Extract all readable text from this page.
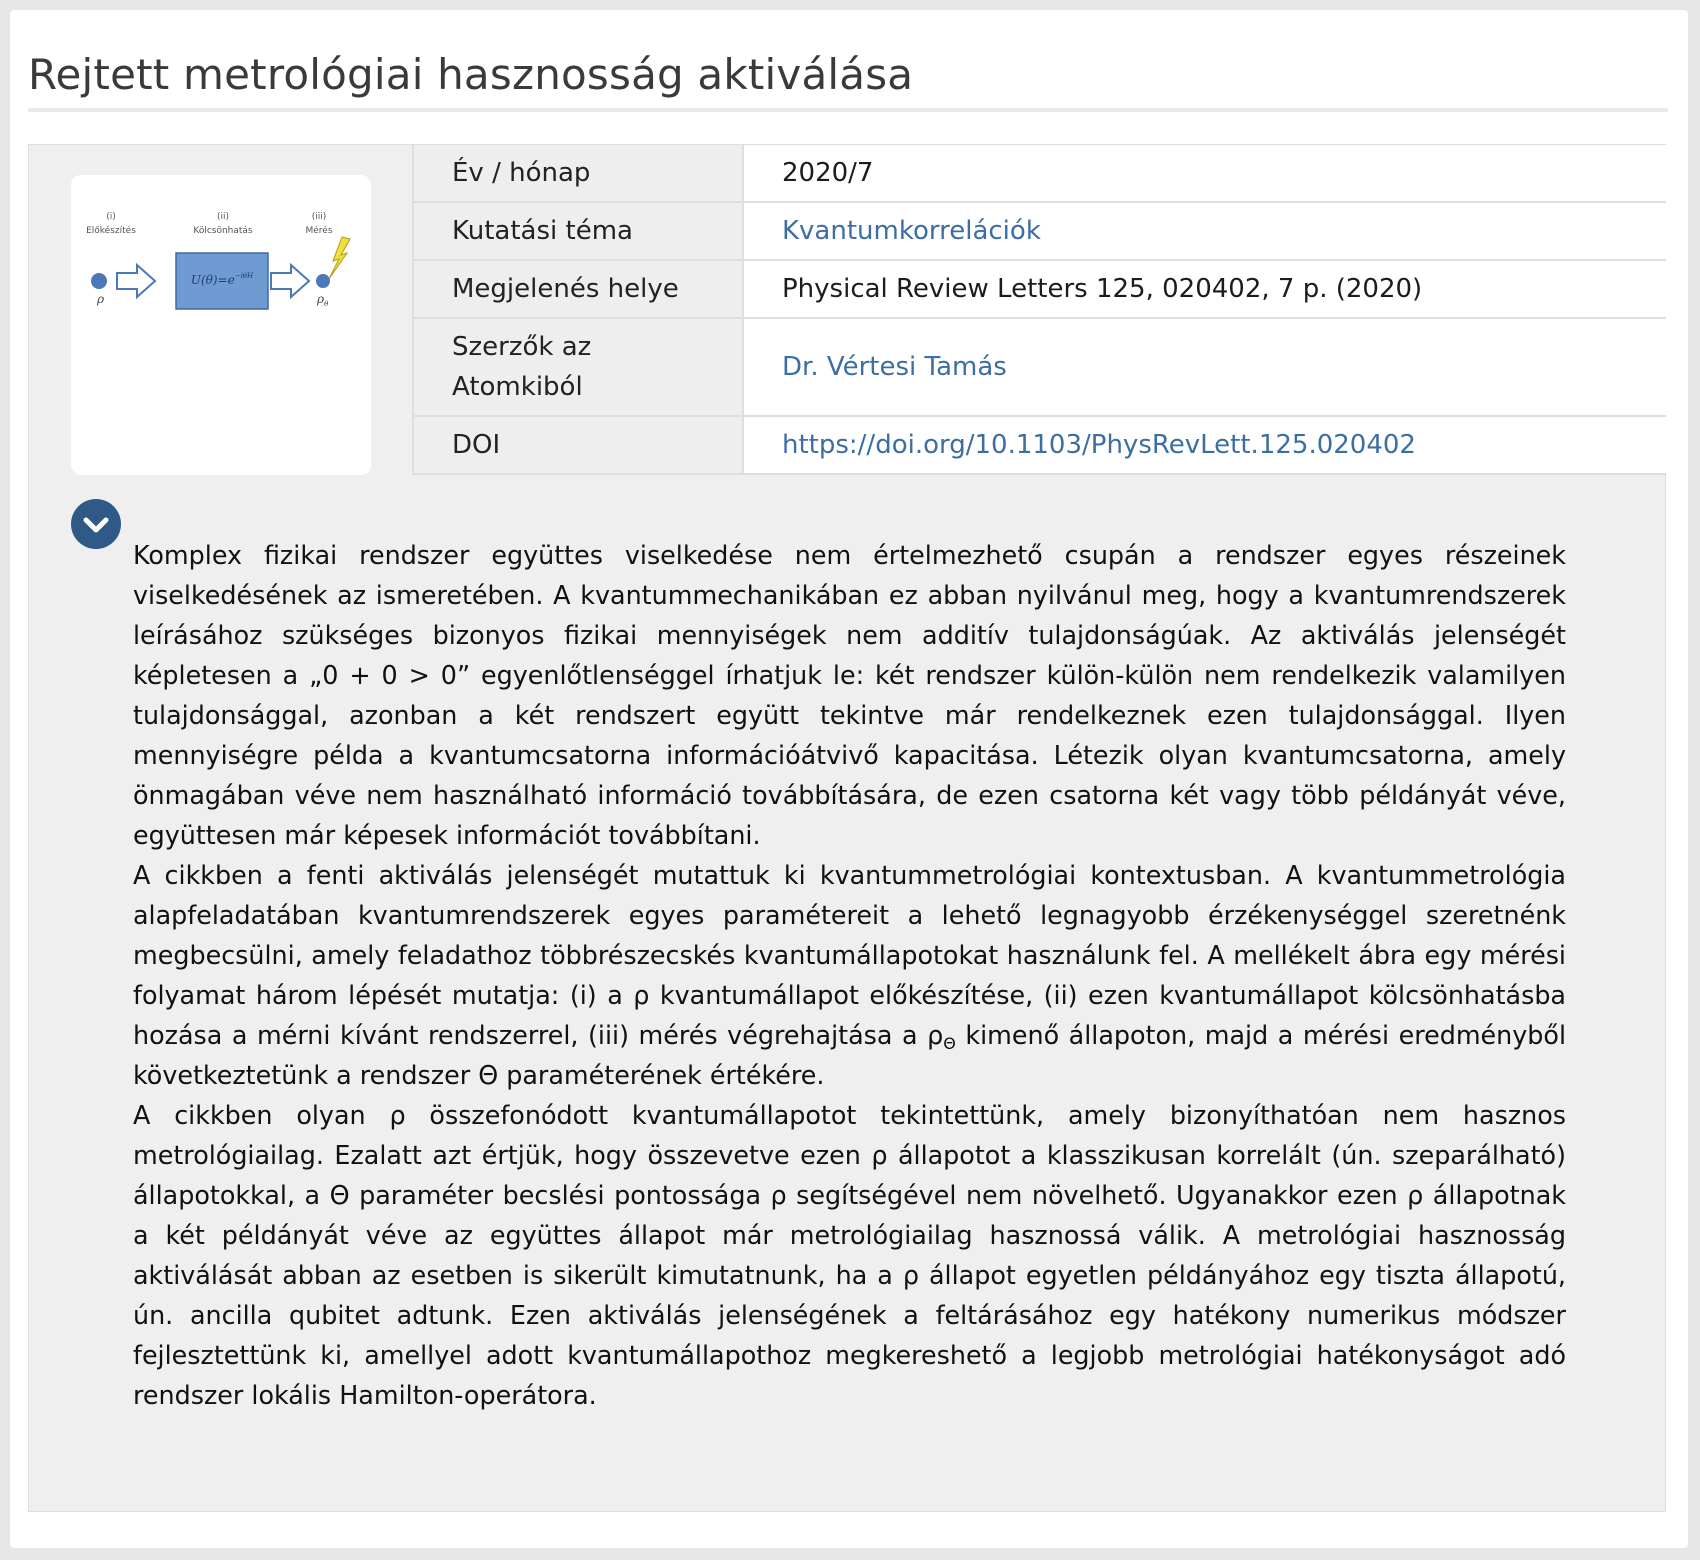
Rejtett metrológiai hasznosság aktiválása
(i)
Előkészítés
(ii)
Kölcsönhatás
(iii)
Mérés
ρ
$U(\theta)=e^{-i\theta H}$
$\rho_\theta$
Év / hónap	2020/7
Kutatási téma	Kvantumkorrelációk
Megjelenés helye	Physical Review Letters 125, 020402, 7 p. (2020)
Szerzők az
Atomkiból	Dr. Vértesi Tamás
DOI	https://doi.org/10.1103/PhysRevLett.125.020402

Komplex fizikai rendszer együttes viselkedése nem értelmezhető csupán a rendszer egyes részeinek viselkedésének az ismeretében. A kvantummechanikában ez abban nyilvánul meg, hogy a kvantumrendszerek leírásához szükséges bizonyos fizikai mennyiségek nem additív tulajdonságúak. Az aktiválás jelenségét képletesen a „0 + 0 > 0” egyenlőtlenséggel írhatjuk le: két rendszer külön-külön nem rendelkezik valamilyen tulajdonsággal, azonban a két rendszert együtt tekintve már rendelkeznek ezen tulajdonsággal. Ilyen mennyiségre példa a kvantumcsatorna információátvivő kapacitása. Létezik olyan kvantumcsatorna, amely önmagában véve nem használható információ továbbítására, de ezen csatorna két vagy több példányát véve, együttesen már képesek információt továbbítani.

A cikkben a fenti aktiválás jelenségét mutattuk ki kvantummetrológiai kontextusban. A kvantummetrológia alapfeladatában kvantumrendszerek egyes paramétereit a lehető legnagyobb érzékenységgel szeretnénk megbecsülni, amely feladathoz többrészecskés kvantumállapotokat használunk fel. A mellékelt ábra egy mérési folyamat három lépését mutatja: (i) a ρ kvantumállapot előkészítése, (ii) ezen kvantumállapot kölcsönhatásba hozása a mérni kívánt rendszerrel, (iii) mérés végrehajtása a $\rho_\Theta$ kimenő állapoton, majd a mérési eredményből következtetünk a rendszer Θ paraméterének értékére.

A cikkben olyan ρ összefonódott kvantumállapotot tekintettünk, amely bizonyíthatóan nem hasznos metrológiailag. Ezalatt azt értjük, hogy összevetve ezen ρ állapotot a klasszikusan korrelált (ún. szeparálható) állapotokkal, a Θ paraméter becslési pontossága ρ segítségével nem növelhető. Ugyanakkor ezen ρ állapotnak a két példányát véve az együttes állapot már metrológiailag hasznossá válik. A metrológiai hasznosság aktiválását abban az esetben is sikerült kimutatnunk, ha a ρ állapot egyetlen példányához egy tiszta állapotú, ún. ancilla qubitet adtunk. Ezen aktiválás jelenségének a feltárásához egy hatékony numerikus módszer fejlesztettünk ki, amellyel adott kvantumállapothoz megkereshető a legjobb metrológiai hatékonyságot adó rendszer lokális Hamilton-operátora.
